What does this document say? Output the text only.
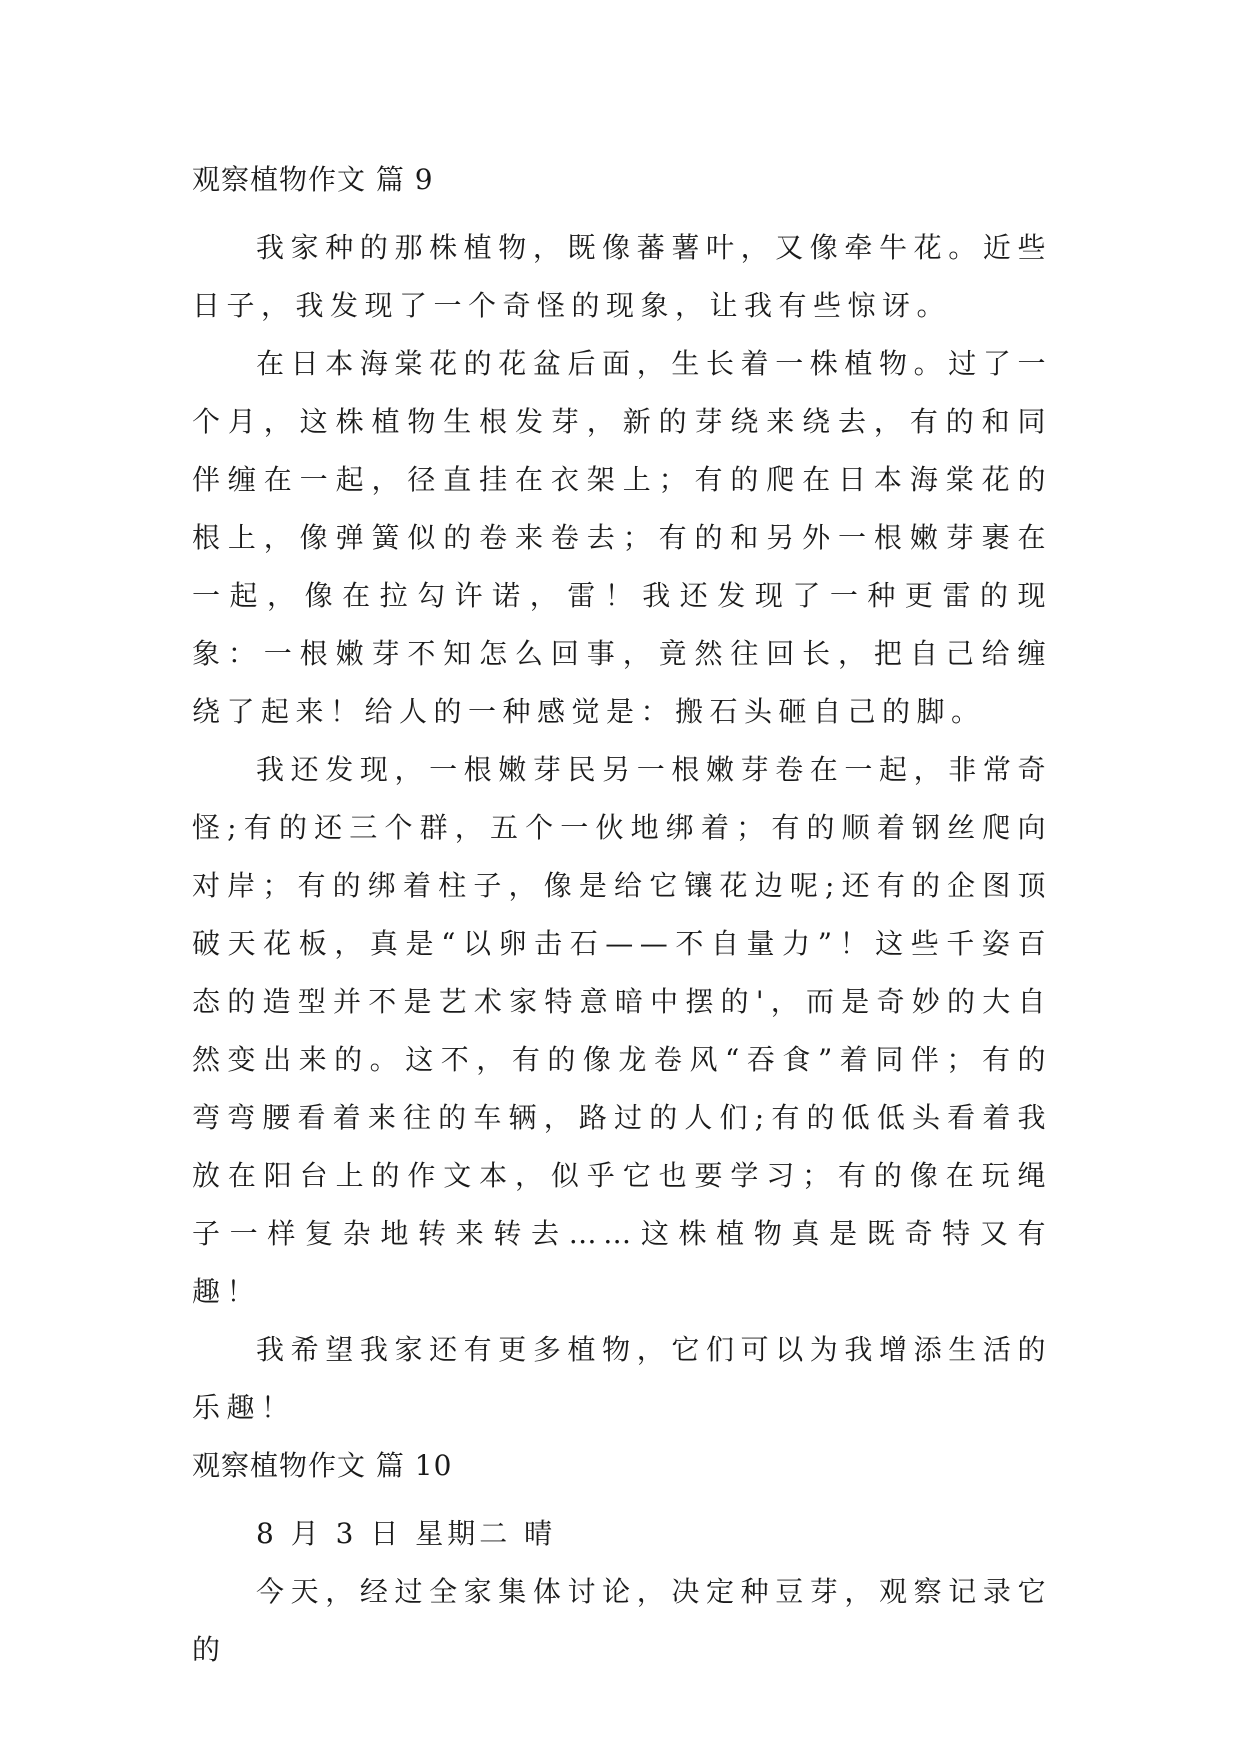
观察植物作文 篇 9

我家种的那株植物，既像蕃薯叶，又像牵牛花。近些日子，我发现了一个奇怪的现象，让我有些惊讶。

在日本海棠花的花盆后面，生长着一株植物。过了一个月，这株植物生根发芽，新的芽绕来绕去，有的和同伴缠在一起，径直挂在衣架上；有的爬在日本海棠花的根上，像弹簧似的卷来卷去；有的和另外一根嫩芽裹在一起，像在拉勾许诺，雷！我还发现了一种更雷的现象：一根嫩芽不知怎么回事，竟然往回长，把自己给缠绕了起来！给人的一种感觉是：搬石头砸自己的脚。

我还发现，一根嫩芽民另一根嫩芽卷在一起，非常奇怪;有的还三个群，五个一伙地绑着；有的顺着钢丝爬向对岸；有的绑着柱子，像是给它镶花边呢;还有的企图顶破天花板，真是“以卵击石——不自量力”！这些千姿百态的造型并不是艺术家特意暗中摆的'，而是奇妙的大自然变出来的。这不，有的像龙卷风“吞食”着同伴；有的弯弯腰看着来往的车辆，路过的人们;有的低低头看着我放在阳台上的作文本，似乎它也要学习；有的像在玩绳子一样复杂地转来转去……这株植物真是既奇特又有趣！

我希望我家还有更多植物，它们可以为我增添生活的乐趣！

观察植物作文 篇 10

8 月 3 日 星期二 晴

今天，经过全家集体讨论，决定种豆芽，观察记录它的
